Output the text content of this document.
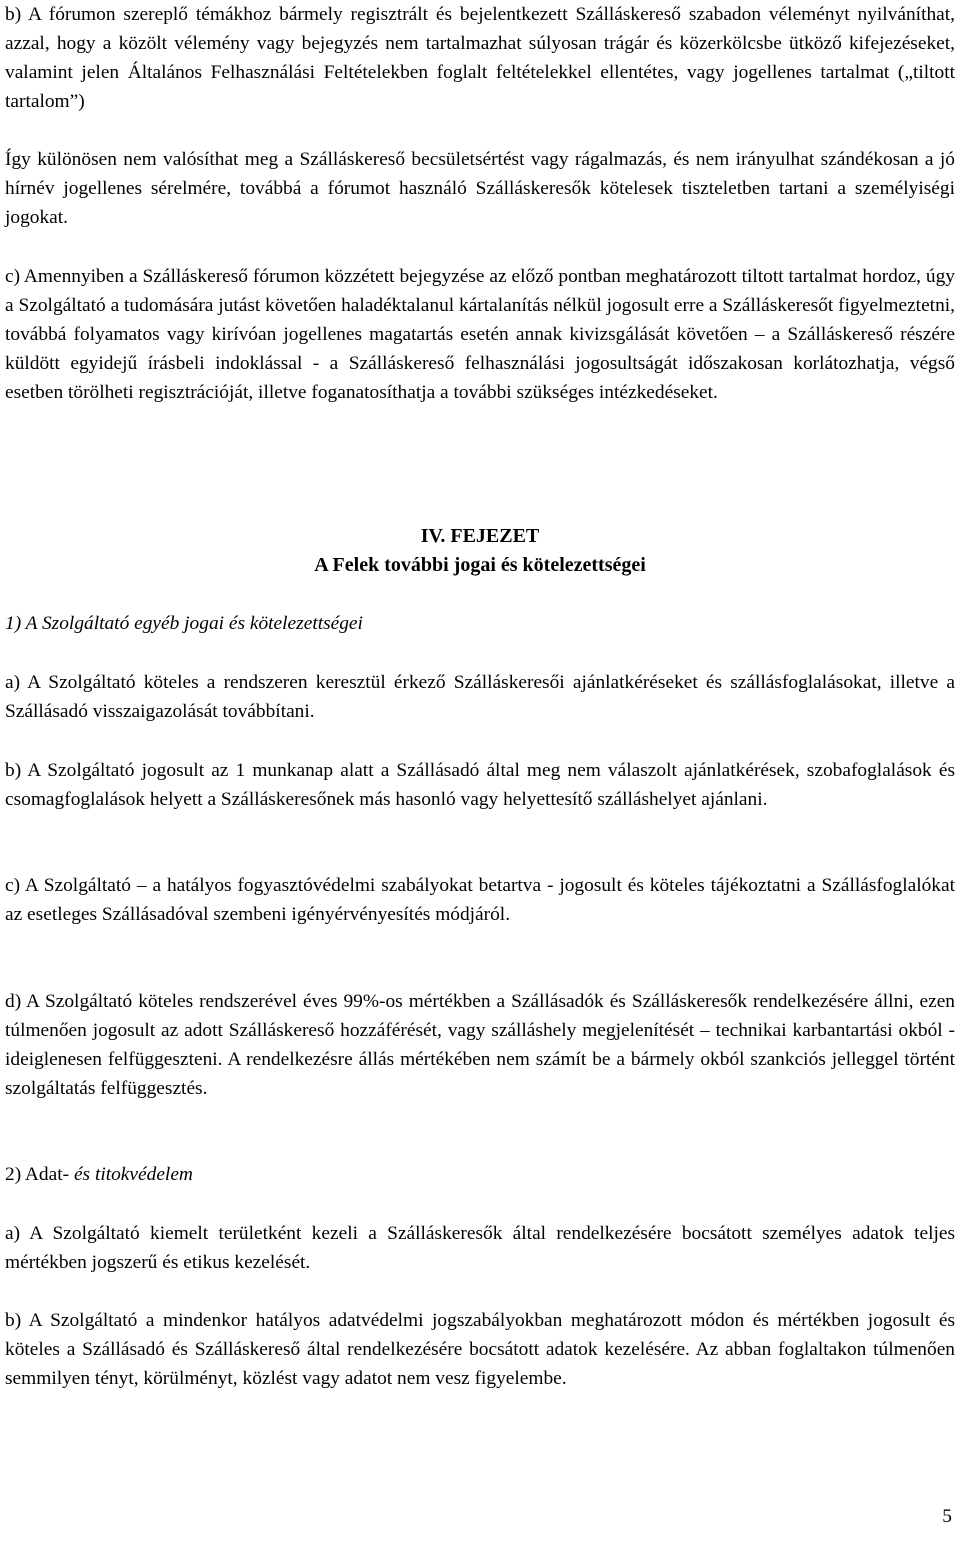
b) A fórumon szereplő témákhoz bármely regisztrált és bejelentkezett Szálláskereső szabadon véleményt nyilváníthat, azzal, hogy a közölt vélemény vagy bejegyzés nem tartalmazhat súlyosan trágár és közerkölcsbe ütköző kifejezéseket, valamint jelen Általános Felhasználási Feltételekben foglalt feltételekkel ellentétes, vagy jogellenes tartalmat („tiltott tartalom”)

Így különösen nem valósíthat meg a Szálláskereső becsületsértést vagy rágalmazás, és nem irányulhat szándékosan a jó hírnév jogellenes sérelmére, továbbá a fórumot használó Szálláskeresők kötelesek tiszteletben tartani a személyiségi jogokat.

c) Amennyiben a Szálláskereső fórumon közzétett bejegyzése az előző pontban meghatározott tiltott tartalmat hordoz, úgy a Szolgáltató a tudomására jutást követően haladéktalanul kártalanítás nélkül jogosult erre a Szálláskeresőt figyelmeztetni, továbbá folyamatos vagy kirívóan jogellenes magatartás esetén annak kivizsgálását követően – a Szálláskereső részére küldött egyidejű írásbeli indoklással - a Szálláskereső felhasználási jogosultságát időszakosan korlátozhatja, végső esetben törölheti regisztrációját, illetve foganatosíthatja a további szükséges intézkedéseket.

IV. FEJEZET

A Felek további jogai és kötelezettségei

1) A Szolgáltató egyéb jogai és kötelezettségei

a) A Szolgáltató köteles a rendszeren keresztül érkező Szálláskeresői ajánlatkéréseket és szállásfoglalásokat, illetve a Szállásadó visszaigazolását továbbítani.

b) A Szolgáltató jogosult az 1 munkanap alatt a Szállásadó által meg nem válaszolt ajánlatkérések, szobafoglalások és csomagfoglalások helyett a Szálláskeresőnek más hasonló vagy helyettesítő szálláshelyet ajánlani.

c) A Szolgáltató – a hatályos fogyasztóvédelmi szabályokat betartva - jogosult és köteles tájékoztatni a Szállásfoglalókat az esetleges Szállásadóval szembeni igényérvényesítés módjáról.

d) A Szolgáltató köteles rendszerével éves 99%-os mértékben a Szállásadók és Szálláskeresők rendelkezésére állni, ezen túlmenően jogosult az adott Szálláskereső hozzáférését, vagy szálláshely megjelenítését – technikai karbantartási okból - ideiglenesen felfüggeszteni. A rendelkezésre állás mértékében nem számít be a bármely okból szankciós jelleggel történt szolgáltatás felfüggesztés.

2) Adat- és titokvédelem

a) A Szolgáltató kiemelt területként kezeli a Szálláskeresők által rendelkezésére bocsátott személyes adatok teljes mértékben jogszerű és etikus kezelését.

b) A Szolgáltató a mindenkor hatályos adatvédelmi jogszabályokban meghatározott módon és mértékben jogosult és köteles a Szállásadó és Szálláskereső által rendelkezésére bocsátott adatok kezelésére. Az abban foglaltakon túlmenően semmilyen tényt, körülményt, közlést vagy adatot nem vesz figyelembe.

5
